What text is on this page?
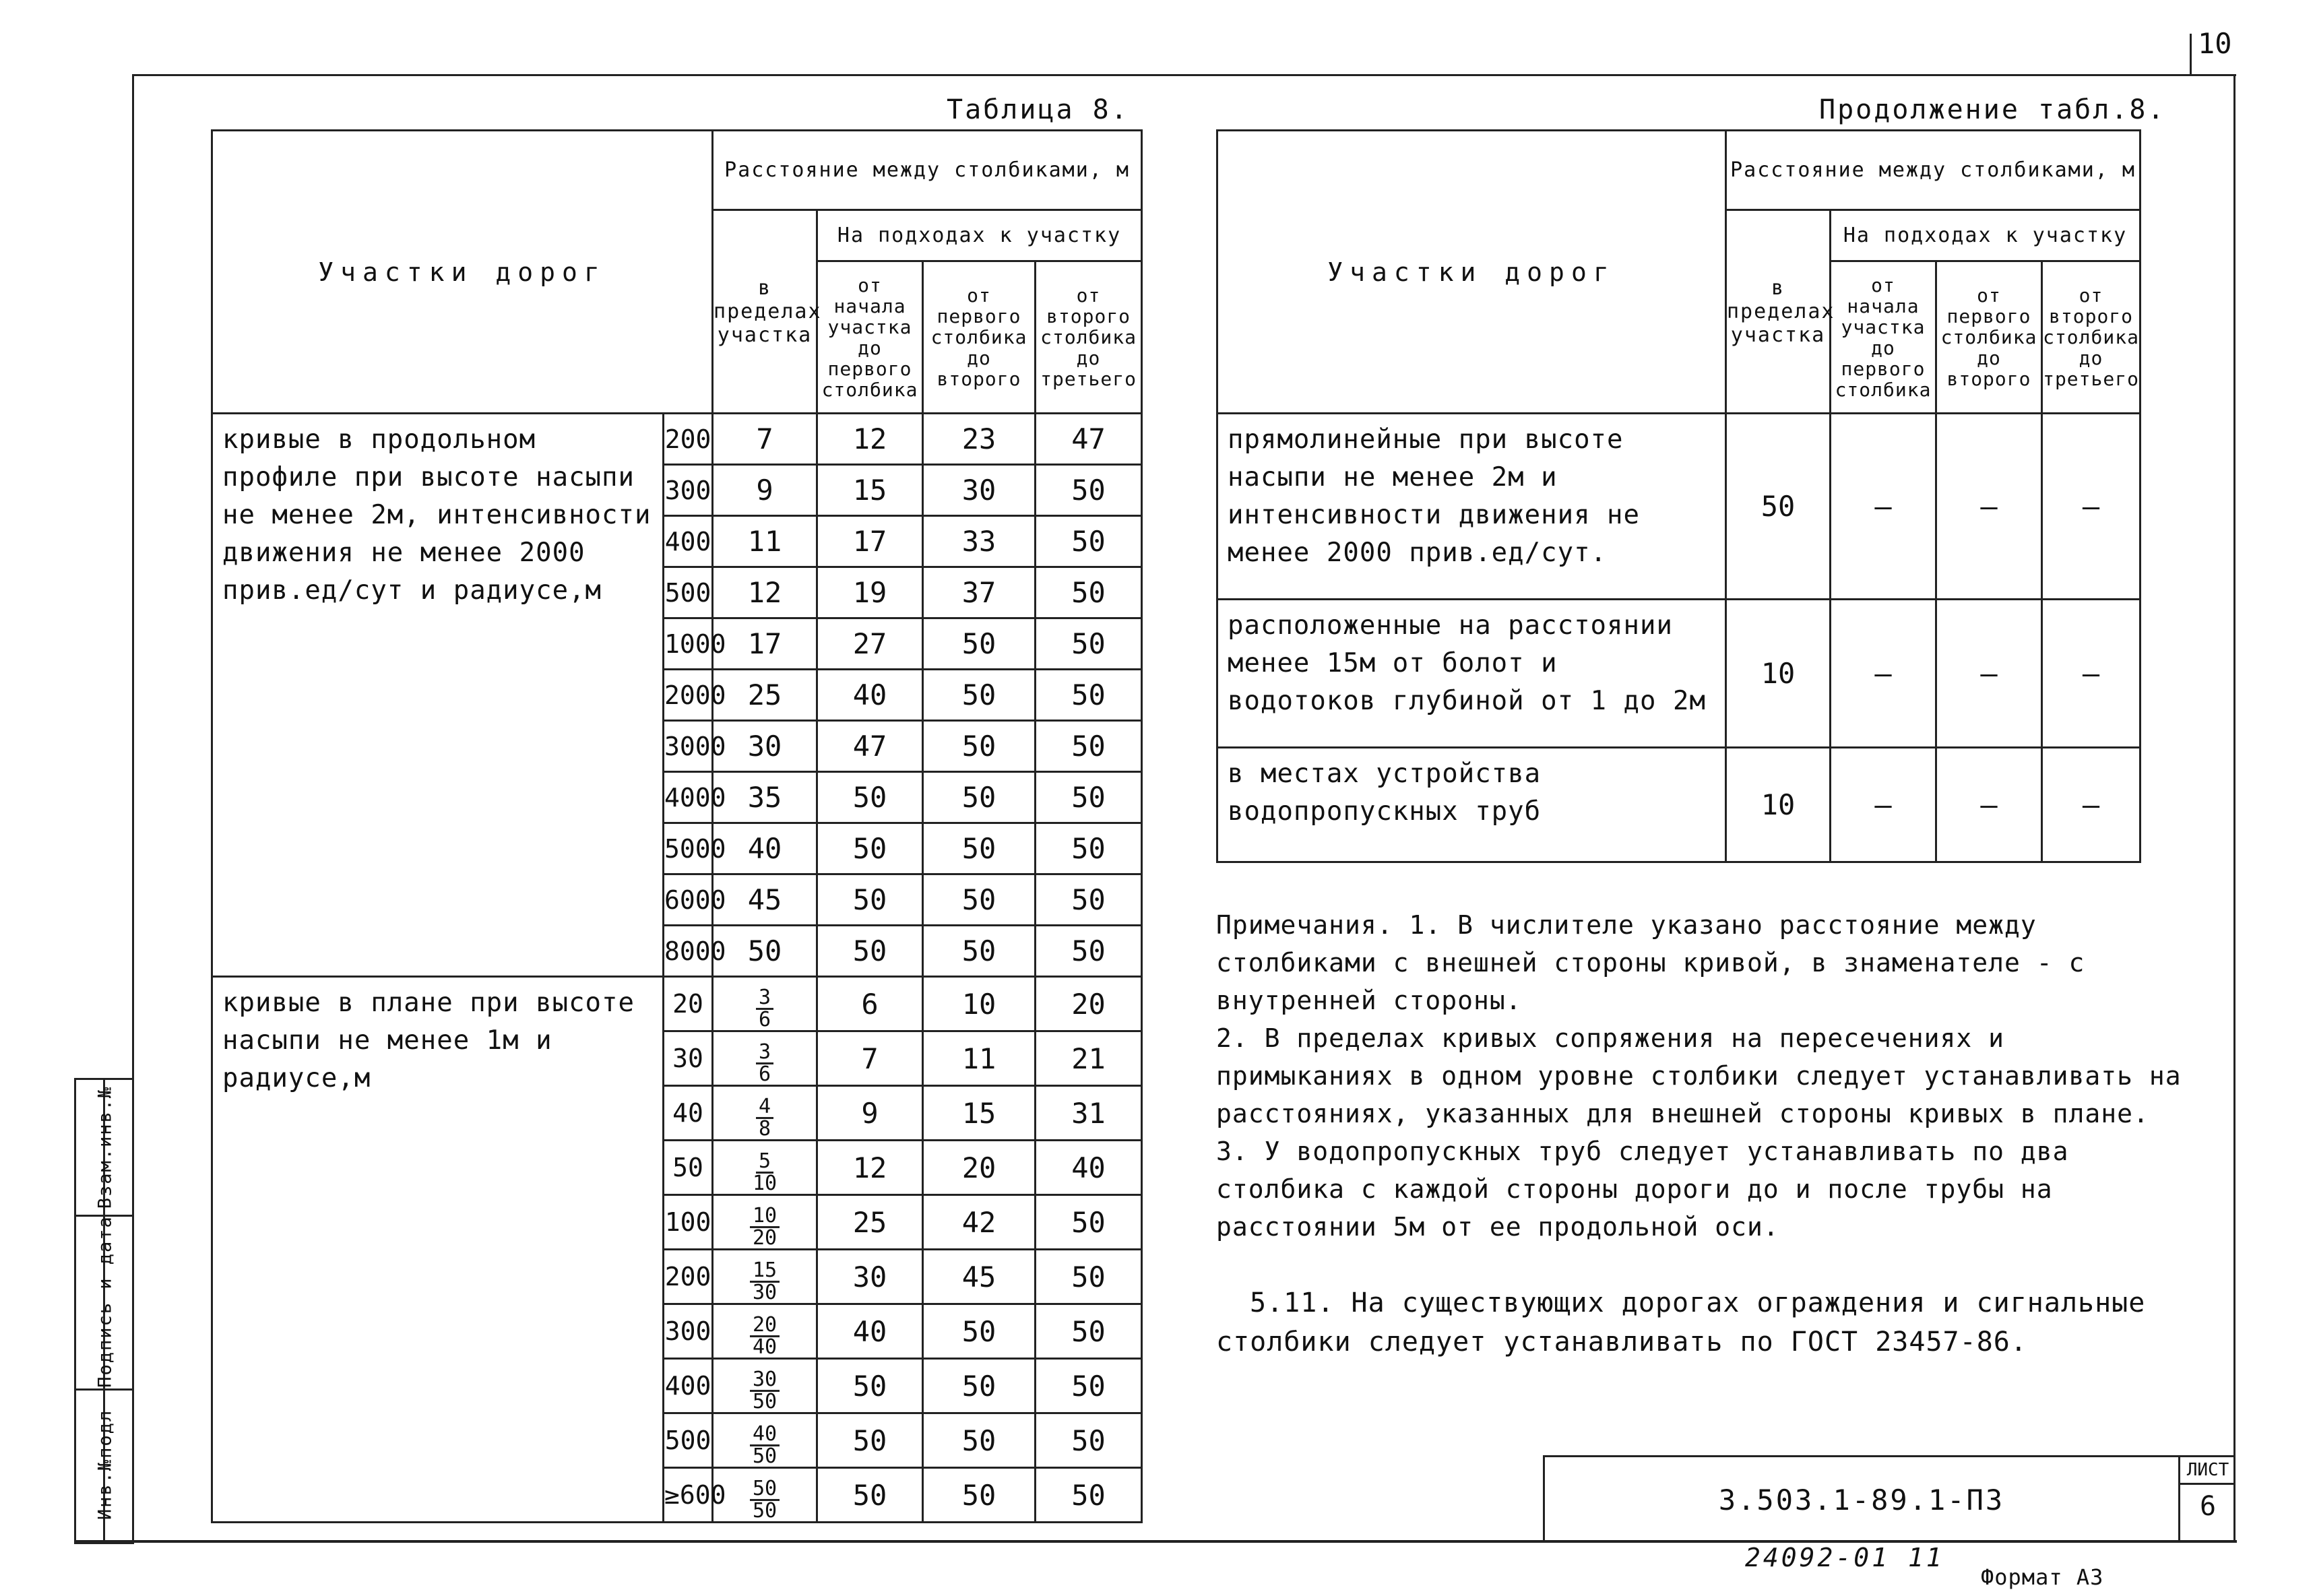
10
Таблица 8.
Участки дорог		Расстояние между столбиками, м			
		в пределах участка	На подходах к участку		
			от начала участка до первого столбика	от первого столбика до второго	от второго столбика до третьего
кривые в продольном профиле при высоте насыпи не менее 2м, интенсивности движения не менее 2000 прив.ед/сут и радиусе,м	200	7	12	23	47
	300	9	15	30	50
	400	11	17	33	50
	500	12	19	37	50
	1000	17	27	50	50
	2000	25	40	50	50
	3000	30	47	50	50
	4000	35	50	50	50
	5000	40	50	50	50
	6000	45	50	50	50
	8000	50	50	50	50
кривые в плане при высоте насыпи не менее 1м и радиусе,м	20	$\frac{3}{6}$	6	10	20
	30	$\frac{3}{6}$	7	11	21
	40	$\frac{4}{8}$	9	15	31
	50	$\frac{5}{10}$	12	20	40
	100	$\frac{10}{20}$	25	42	50
	200	$\frac{15}{30}$	30	45	50
	300	$\frac{20}{40}$	40	50	50
	400	$\frac{30}{50}$	50	50	50
	500	$\frac{40}{50}$	50	50	50
	≥600	$\frac{50}{50}$	50	50	50
Продолжение табл.8.
Участки дорог	Расстояние между столбиками, м			
	в пределах участка	На подходах к участку		
		от начала участка до первого столбика	от первого столбика до второго	от второго столбика до третьего
прямолинейные при высоте насыпи не менее 2м и интенсивности движения не менее 2000 прив.ед/сут.	50	—	—	—
расположенные на расстоянии менее 15м от болот и водотоков глубиной от 1 до 2м	10	—	—	—
в местах устройства водопропускных труб	10	—	—	—

Примечания. 1. В числителе указано расстояние между столбиками с внешней стороны кривой, в знаменателе - с внутренней стороны.

2. В пределах кривых сопряжения на пересечениях и примыканиях в одном уровне столбики следует устанавливать на расстояниях, указанных для внешней стороны кривых в плане.

3. У водопропускных труб следует устанавливать по два столбика с каждой стороны дороги до и после трубы на расстоянии 5м от ее продольной оси.

5.11. На существующих дорогах ограждения и сигнальные столбики следует устанавливать по ГОСТ 23457-86.
3.503.1-89.1-ПЗ
ЛИСТ
6
24092-01 11
Формат А3
Взам.инв.№
Подпись и дата
Инв.№подл
